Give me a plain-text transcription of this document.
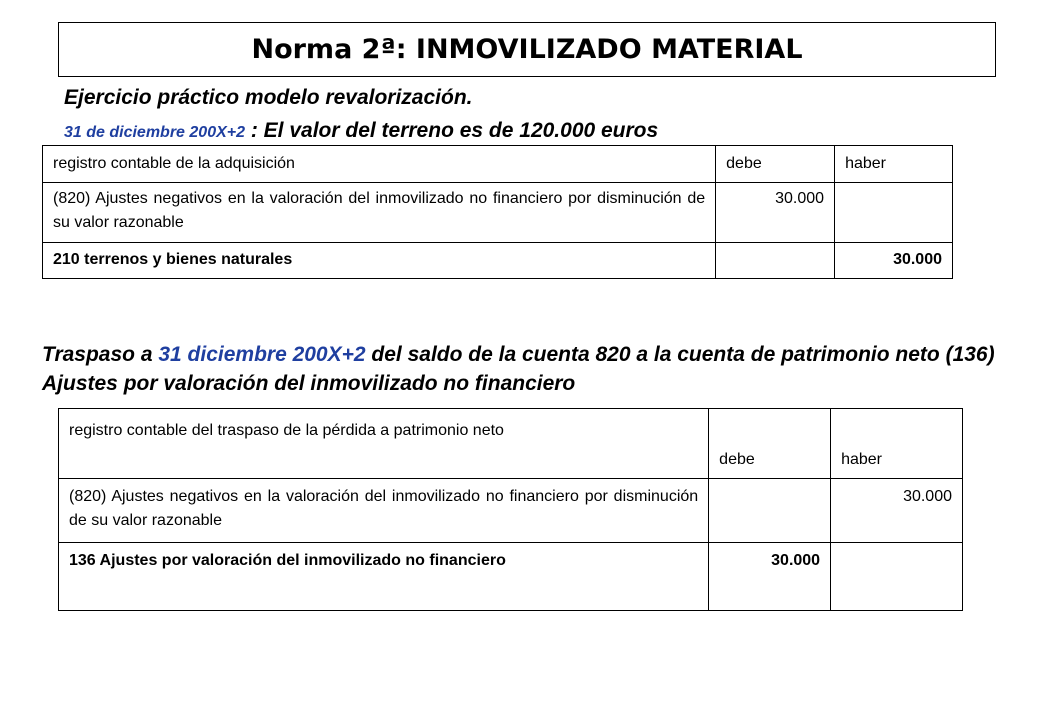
Norma 2ª: INMOVILIZADO MATERIAL
Ejercicio práctico modelo revalorización.
31 de diciembre 200X+2 : El valor del terreno es de 120.000 euros
registro contable de la adquisición	debe	haber
(820) Ajustes negativos en la valoración del inmovilizado no financiero por disminución de su valor razonable	30.000	
210 terrenos y bienes naturales		30.000
Traspaso a 31 diciembre 200X+2 del saldo de la cuenta 820 a la cuenta de patrimonio neto (136) Ajustes por valoración del inmovilizado no financiero
registro contable del traspaso de la pérdida a patrimonio neto	debe	haber
(820) Ajustes negativos en la valoración del inmovilizado no financiero por disminución de su valor razonable		30.000
136 Ajustes por valoración del inmovilizado no financiero	30.000	
